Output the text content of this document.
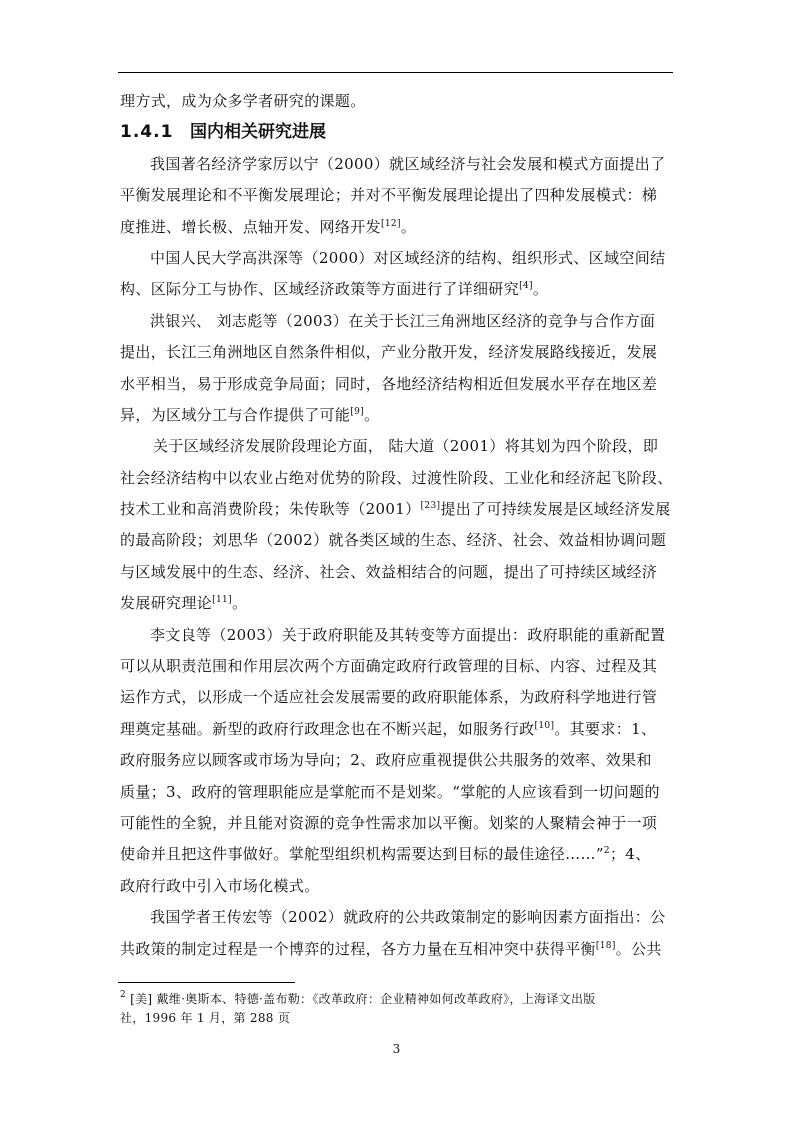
理方式，成为众多学者研究的课题。
1.4.1 国内相关研究进展
我国著名经济学家厉以宁（2000）就区域经济与社会发展和模式方面提出了
平衡发展理论和不平衡发展理论；并对不平衡发展理论提出了四种发展模式：梯
度推进、增长极、点轴开发、网络开发[12]。
中国人民大学高洪深等（2000）对区域经济的结构、组织形式、区域空间结
构、区际分工与协作、区域经济政策等方面进行了详细研究[4]。
洪银兴、 刘志彪等（2003）在关于长江三角洲地区经济的竞争与合作方面
提出，长江三角洲地区自然条件相似，产业分散开发，经济发展路线接近，发展
水平相当，易于形成竞争局面；同时，各地经济结构相近但发展水平存在地区差
异，为区域分工与合作提供了可能[9]。
关于区域经济发展阶段理论方面， 陆大道（2001）将其划为四个阶段，即
社会经济结构中以农业占绝对优势的阶段、过渡性阶段、工业化和经济起飞阶段、
技术工业和高消费阶段；朱传耿等（2001）[23]提出了可持续发展是区域经济发展
的最高阶段；刘思华（2002）就各类区域的生态、经济、社会、效益相协调问题
与区域发展中的生态、经济、社会、效益相结合的问题，提出了可持续区域经济
发展研究理论[11]。
李文良等（2003）关于政府职能及其转变等方面提出：政府职能的重新配置
可以从职责范围和作用层次两个方面确定政府行政管理的目标、内容、过程及其
运作方式，以形成一个适应社会发展需要的政府职能体系，为政府科学地进行管
理奠定基础。新型的政府行政理念也在不断兴起，如服务行政[10]。其要求：1、
政府服务应以顾客或市场为导向；2、政府应重视提供公共服务的效率、效果和
质量；3、政府的管理职能应是掌舵而不是划桨。“掌舵的人应该看到一切问题的
可能性的全貌，并且能对资源的竞争性需求加以平衡。划桨的人聚精会神于一项
使命并且把这件事做好。掌舵型组织机构需要达到目标的最佳途径……”$^2$；4、
政府行政中引入市场化模式。
我国学者王传宏等（2002）就政府的公共政策制定的影响因素方面指出：公
共政策的制定过程是一个博弈的过程，各方力量在互相冲突中获得平衡[18]。公共
$^2$ [美] 戴维·奥斯本、特德·盖布勒：《改革政府：企业精神如何改革政府》，上海译文出版
社，1996 年 1 月，第 288 页
3
